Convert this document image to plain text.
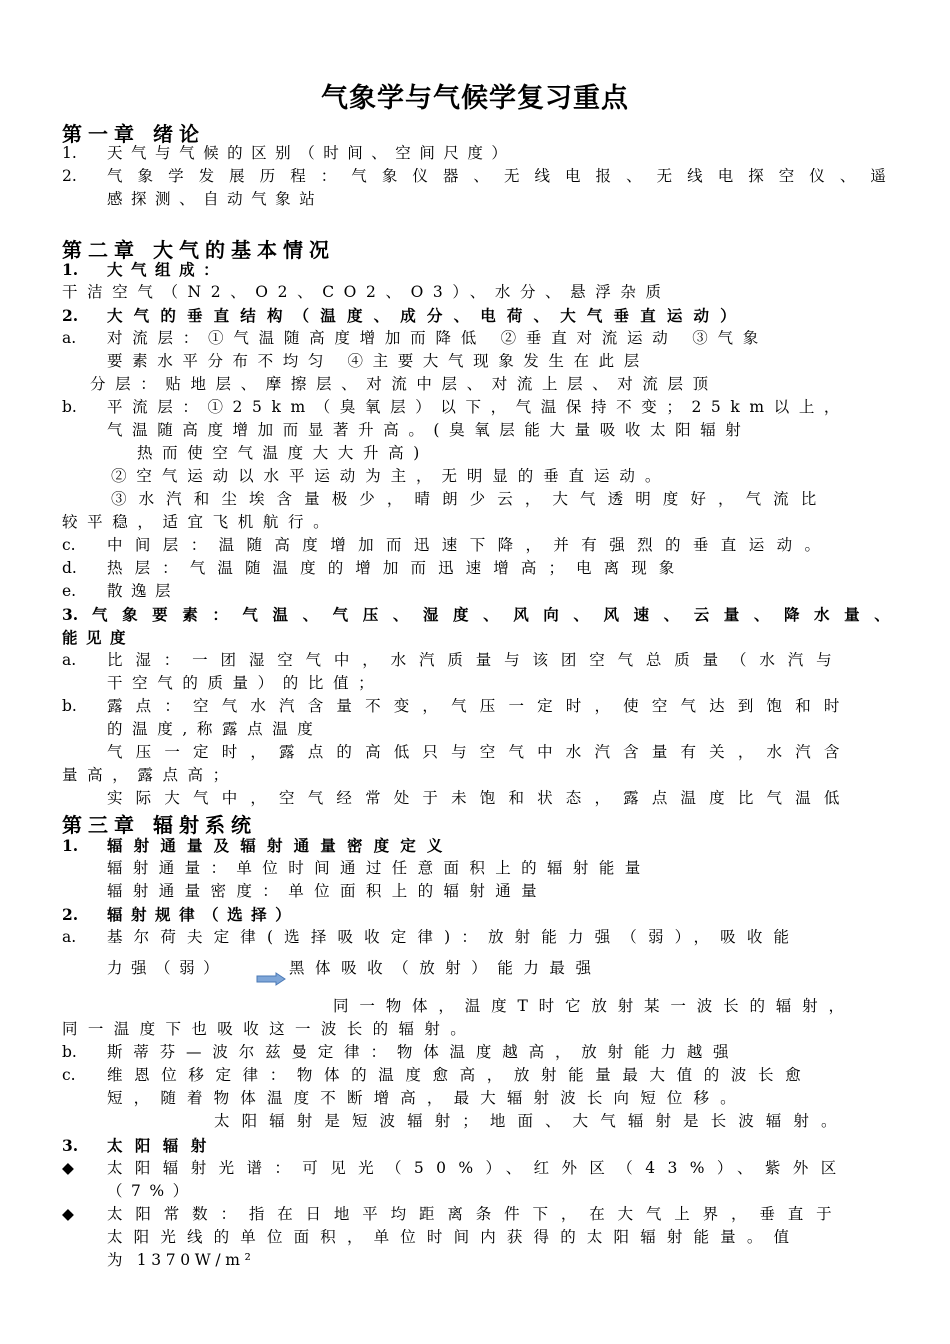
气象学与气候学复习重点
第一章 绪论
1. 天气与气候的区别（时间、空间尺度）
2. 气象学发展历程：气象仪器、无线电报、无线电探空仪、遥
感探测、自动气象站
第二章 大气的基本情况
1. 大气组成：
干洁空气（N2、O2、CO2、O3）、水分、悬浮杂质
2. 大气的垂直结构（温度、成分、电荷、大气垂直运动）
a. 对流层：①气温随高度增加而降低 ②垂直对流运动 ③气象
要素水平分布不均匀 ④主要大气现象发生在此层
分层：贴地层、摩擦层、对流中层、对流上层、对流层顶
b. 平流层：①25km（臭氧层）以下，气温保持不变；25km以上，
气温随高度增加而显著升高。(臭氧层能大量吸收太阳辐射
热而使空气温度大大升高)
②空气运动以水平运动为主，无明显的垂直运动。
③水汽和尘埃含量极少，晴朗少云，大气透明度好，气流比
较平稳，适宜飞机航行。
c. 中间层：温随高度增加而迅速下降，并有强烈的垂直运动。
d. 热层：气温随温度的增加而迅速增高；电离现象
e. 散逸层
3. 气象要素：气温、气压、湿度、风向、风速、云量、降水量、
能见度
a. 比湿：一团湿空气中，水汽质量与该团空气总质量（水汽与
干空气的质量）的比值；
b. 露点：空气水汽含量不变，气压一定时，使空气达到饱和时
的温度,称露点温度
气压一定时，露点的高低只与空气中水汽含量有关，水汽含
量高，露点高；
实际大气中，空气经常处于未饱和状态，露点温度比气温低
第三章 辐射系统
1. 辐射通量及辐射通量密度定义
辐射通量：单位时间通过任意面积上的辐射能量
辐射通量密度：单位面积上的辐射通量
2. 辐射规律（选择）
a. 基尔荷夫定律(选择吸收定律)：放射能力强（弱），吸收能
力强（弱）	黑体吸收（放射）能力最强
同一物体，温度T时它放射某一波长的辐射，
同一温度下也吸收这一波长的辐射。
b. 斯蒂芬—波尔兹曼定律：物体温度越高，放射能力越强
c. 维恩位移定律：物体的温度愈高，放射能量最大值的波长愈
短，随着物体温度不断增高，最大辐射波长向短位移。
太阳辐射是短波辐射；地面、大气辐射是长波辐射。
3. 太阳辐射
◆ 太阳辐射光谱：可见光（50%）、红外区（43%）、紫外区
（7%）
◆ 太阳常数：指在日地平均距离条件下，在大气上界，垂直于
太阳光线的单位面积，单位时间内获得的太阳辐射能量。值
为 1370W/m²
